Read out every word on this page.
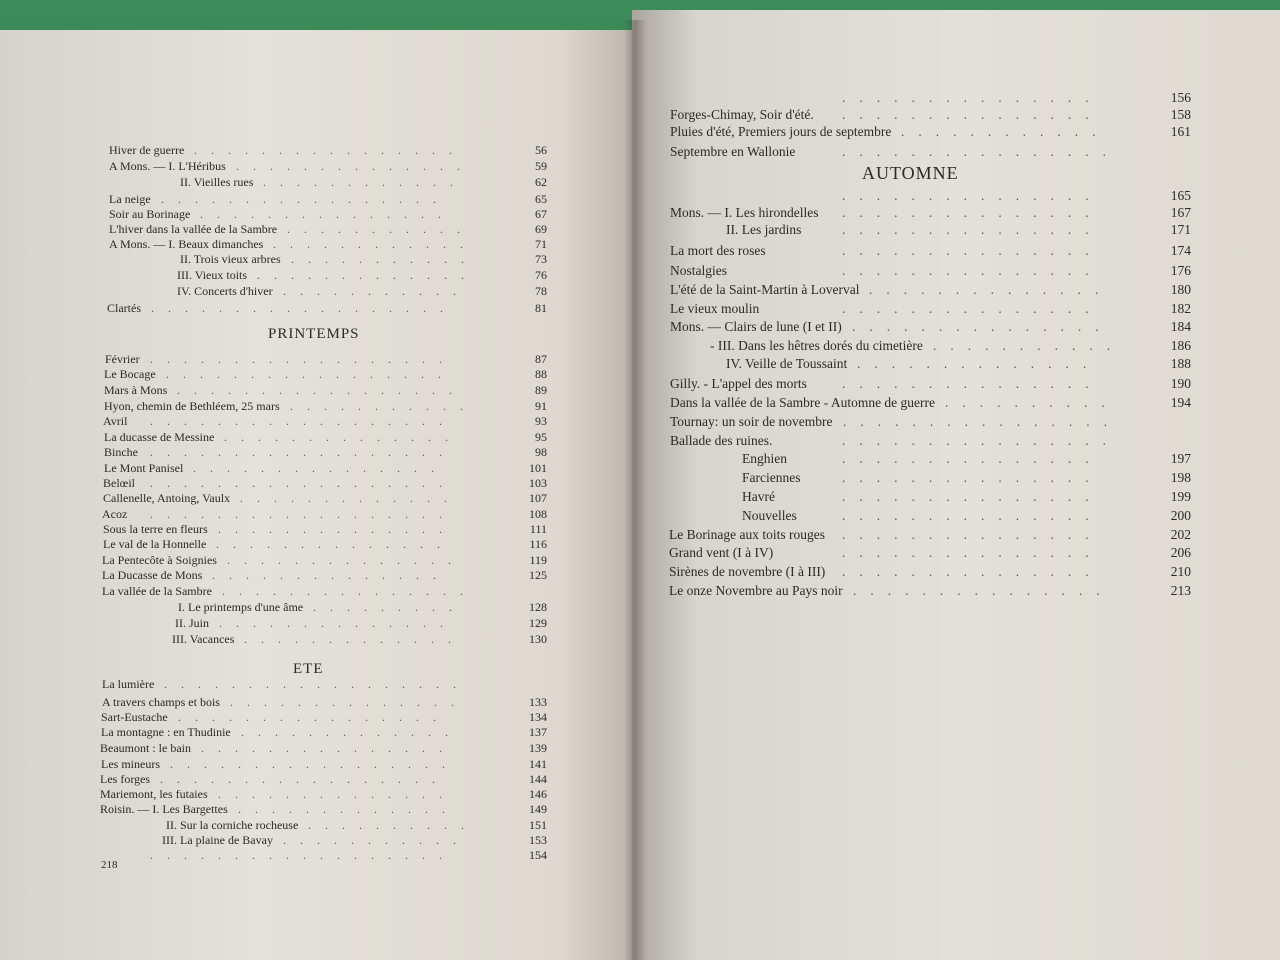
PRINTEMPS
ETE
218
Hiver de guerre ................	56
A Mons. — I. L'Héribus ..............	59
II. Vieilles rues ............	62
La neige .................	65
Soir au Borinage ...............	67
L'hiver dans la vallée de la Sambre ...........	69
A Mons. — I. Beaux dimanches ............	71
II. Trois vieux arbres ...........	73
III. Vieux toits .............	76
IV. Concerts d'hiver ...........	78
Clartés ..................	81
Février ..................	87
Le Bocage .................	88
Mars à Mons .................	89
Hyon, chemin de Bethléem, 25 mars ...........	91
Avril ..................	93
La ducasse de Messine ..............	95
Binche ..................	98
Le Mont Panisel ...............	101
Belœil ..................	103
Callenelle, Antoing, Vaulx .............	107
Acoz ..................	108
Sous la terre en fleurs ..............	111
Le val de la Honnelle ..............	116
La Pentecôte à Soignies ..............	119
La Ducasse de Mons ..............	125
La vallée de la Sambre ...............
I. Le printemps d'une âme .........	128
II. Juin ..............	129
III. Vacances .............	130
La lumière ..................
A travers champs et bois ..............	133
Sart-Eustache ................	134
La montagne : en Thudinie .............	137
Beaumont : le bain ...............	139
Les mineurs .................	141
Les forges .................	144
Mariemont, les futaies ..............	146
Roisin. — I. Les Bargettes .............	149
II. Sur la corniche rocheuse ..........	151
III. La plaine de Bavay ...........	153
..................	154
AUTOMNE
...............	156
Forges-Chimay, Soir d'été. ...............	158
Pluies d'été, Premiers jours de septembre ............	161
Septembre en Wallonie	................
...............	165
Mons. — I. Les hirondelles ...............	167
II. Les jardins	...............	171
La mort des roses	...............	174
Nostalgies	...............	176
L'été de la Saint-Martin à Loverval ..............	180
Le vieux moulin	...............	182
Mons. — Clairs de lune (I et II) ...............	184
- III. Dans les hêtres dorés du cimetière ...........	186
IV. Veille de Toussaint ..............	188
Gilly. - L'appel des morts	...............	190
Dans la vallée de la Sambre - Automne de guerre ..........	194
Tournay: un soir de novembre ................
Ballade des ruines.	................
Enghien	...............	197
Farciennes	...............	198
Havré	...............	199
Nouvelles	...............	200
Le Borinage aux toits rouges ...............	202
Grand vent (I à IV)	...............	206
Sirènes de novembre (I à III) ...............	210
Le onze Novembre au Pays noir ...............	213
